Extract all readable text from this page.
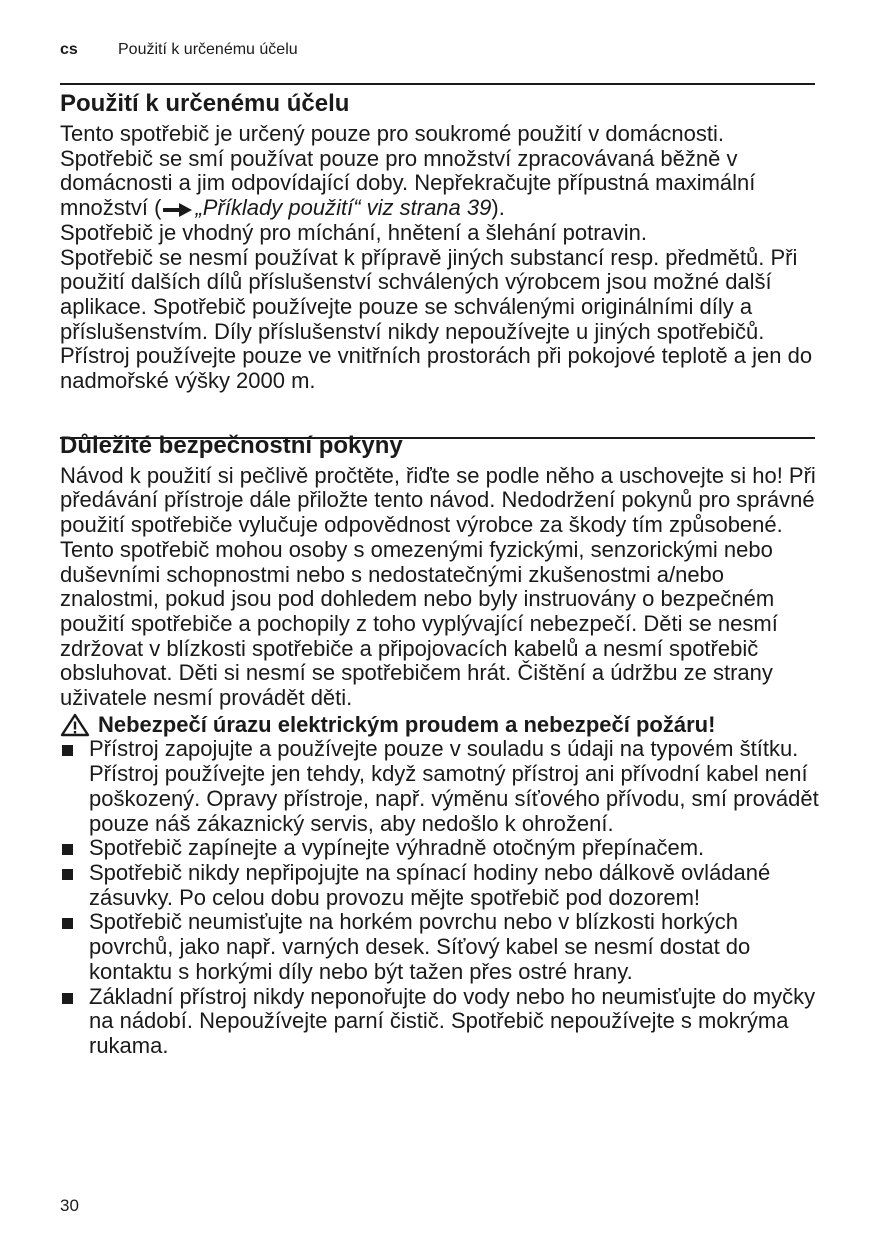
cs	Použití k určenému účelu
Použití k určenému účelu

Tento spotřebič je určený pouze pro soukromé použití v domácnosti. Spotřebič se smí používat pouze pro množství zpracovávaná běžně v domácnosti a jim odpovídající doby. Nepřekračujte přípustná maximální množství ( „Příklady použití“ viz strana 39).

Spotřebič je vhodný pro míchání, hnětení a šlehání potravin.

Spotřebič se nesmí používat k přípravě jiných substancí resp. předmětů. Při použití dalších dílů příslušenství schválených výrobcem jsou možné další aplikace. Spotřebič používejte pouze se schválenými originálními díly a příslušenstvím. Díly příslušenství nikdy nepoužívejte u jiných spotřebičů.

Přístroj používejte pouze ve vnitřních prostorách při pokojové teplotě a jen do nadmořské výšky 2000 m.

Důležité bezpečnostní pokyny

Návod k použití si pečlivě pročtěte, řiďte se podle něho a uschovejte si ho! Při předávání přístroje dále přiložte tento návod. Nedodržení pokynů pro správné použití spotřebiče vylučuje odpovědnost výrobce za škody tím způsobené.

Tento spotřebič mohou osoby s omezenými fyzickými, senzorickými nebo duševními schopnostmi nebo s nedostatečnými zkušenostmi a/nebo znalostmi, pokud jsou pod dohledem nebo byly instruovány o bezpečném použití spotřebiče a pochopily z toho vyplývající nebezpečí. Děti se nesmí zdržovat v blízkosti spotřebiče a připojovacích kabelů a nesmí spotřebič obsluhovat. Děti si nesmí se spotřebičem hrát. Čištění a údržbu ze strany uživatele nesmí provádět děti.

Nebezpečí úrazu elektrickým proudem a nebezpečí požáru!
Přístroj zapojujte a používejte pouze v souladu s údaji na typovém štítku. Přístroj používejte jen tehdy, když samotný přístroj ani přívodní kabel není poškozený. Opravy přístroje, např. výměnu síťového přívodu, smí provádět pouze náš zákaznický servis, aby nedošlo k ohrožení.
Spotřebič zapínejte a vypínejte výhradně otočným přepínačem.
Spotřebič nikdy nepřipojujte na spínací hodiny nebo dálkově ovládané zásuvky. Po celou dobu provozu mějte spotřebič pod dozorem!
Spotřebič neumisťujte na horkém povrchu nebo v blízkosti horkých povrchů, jako např. varných desek. Síťový kabel se nesmí dostat do kontaktu s horkými díly nebo být tažen přes ostré hrany.
Základní přístroj nikdy neponořujte do vody nebo ho neumisťujte do myčky na nádobí. Nepoužívejte parní čistič. Spotřebič nepoužívejte s mokrýma rukama.
30
